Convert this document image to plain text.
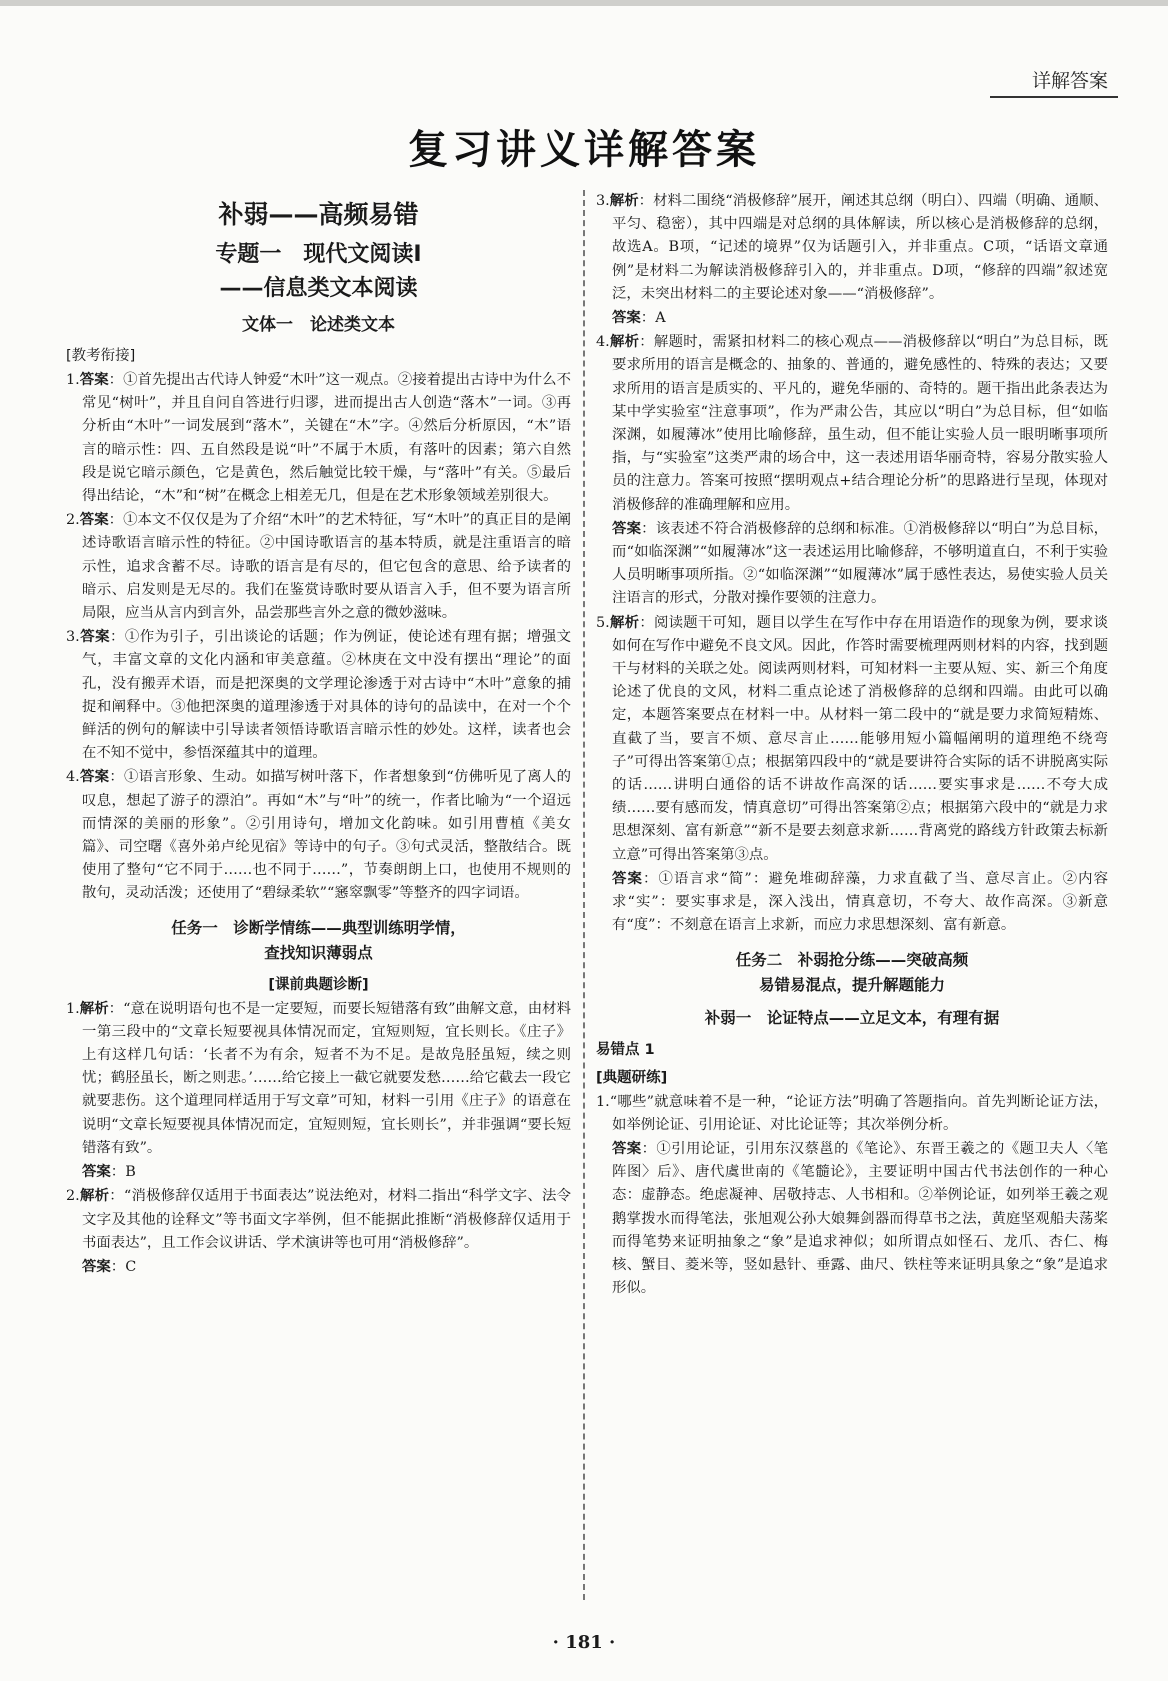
详解答案
复习讲义详解答案
补弱——高频易错
专题一　现代文阅读Ⅰ
——信息类文本阅读
文体一　论述类文本
[教考衔接]
1.答案：①首先提出古代诗人钟爱“木叶”这一观点。②接着提出古诗中为什么不常见“树叶”，并且自问自答进行归谬，进而提出古人创造“落木”一词。③再分析由“木叶”一词发展到“落木”，关键在“木”字。④然后分析原因，“木”语言的暗示性：四、五自然段是说“叶”不属于木质，有落叶的因素；第六自然段是说它暗示颜色，它是黄色，然后触觉比较干燥，与“落叶”有关。⑤最后得出结论，“木”和“树”在概念上相差无几，但是在艺术形象领域差别很大。
2.答案：①本文不仅仅是为了介绍“木叶”的艺术特征，写“木叶”的真正目的是阐述诗歌语言暗示性的特征。②中国诗歌语言的基本特质，就是注重语言的暗示性，追求含蓄不尽。诗歌的语言是有尽的，但它包含的意思、给予读者的暗示、启发则是无尽的。我们在鉴赏诗歌时要从语言入手，但不要为语言所局限，应当从言内到言外，品尝那些言外之意的微妙滋味。
3.答案：①作为引子，引出谈论的话题；作为例证，使论述有理有据；增强文气，丰富文章的文化内涵和审美意蕴。②林庚在文中没有摆出“理论”的面孔，没有搬弄术语，而是把深奥的文学理论渗透于对古诗中“木叶”意象的捕捉和阐释中。③他把深奥的道理渗透于对具体的诗句的品读中，在对一个个鲜活的例句的解读中引导读者领悟诗歌语言暗示性的妙处。这样，读者也会在不知不觉中，参悟深蕴其中的道理。
4.答案：①语言形象、生动。如描写树叶落下，作者想象到“仿佛听见了离人的叹息，想起了游子的漂泊”。再如“木”与“叶”的统一，作者比喻为“一个迢远而情深的美丽的形象”。②引用诗句，增加文化韵味。如引用曹植《美女篇》、司空曙《喜外弟卢纶见宿》等诗中的句子。③句式灵活，整散结合。既使用了整句“它不同于……也不同于……”，节奏朗朗上口，也使用不规则的散句，灵动活泼；还使用了“碧绿柔软”“窸窣飘零”等整齐的四字词语。
任务一　诊断学情练——典型训练明学情，
查找知识薄弱点
[课前典题诊断]
1.解析：“意在说明语句也不是一定要短，而要长短错落有致”曲解文意，由材料一第三段中的“文章长短要视具体情况而定，宜短则短，宜长则长。《庄子》上有这样几句话：‘长者不为有余，短者不为不足。是故凫胫虽短，续之则忧；鹤胫虽长，断之则悲。’……给它接上一截它就要发愁……给它截去一段它就要悲伤。这个道理同样适用于写文章”可知，材料一引用《庄子》的语意在说明“文章长短要视具体情况而定，宜短则短，宜长则长”，并非强调“要长短错落有致”。
答案：B
2.解析：“消极修辞仅适用于书面表达”说法绝对，材料二指出“科学文字、法令文字及其他的诠释文”等书面文字举例，但不能据此推断“消极修辞仅适用于书面表达”，且工作会议讲话、学术演讲等也可用“消极修辞”。
答案：C
3.解析：材料二围绕“消极修辞”展开，阐述其总纲（明白）、四端（明确、通顺、平匀、稳密），其中四端是对总纲的具体解读，所以核心是消极修辞的总纲，故选A。B项，“记述的境界”仅为话题引入，并非重点。C项，“话语文章通例”是材料二为解读消极修辞引入的，并非重点。D项，“修辞的四端”叙述宽泛，未突出材料二的主要论述对象——“消极修辞”。
答案：A
4.解析：解题时，需紧扣材料二的核心观点——消极修辞以“明白”为总目标，既要求所用的语言是概念的、抽象的、普通的，避免感性的、特殊的表达；又要求所用的语言是质实的、平凡的，避免华丽的、奇特的。题干指出此条表达为某中学实验室“注意事项”，作为严肃公告，其应以“明白”为总目标，但“如临深渊，如履薄冰”使用比喻修辞，虽生动，但不能让实验人员一眼明晰事项所指，与“实验室”这类严肃的场合中，这一表述用语华丽奇特，容易分散实验人员的注意力。答案可按照“摆明观点+结合理论分析”的思路进行呈现，体现对消极修辞的准确理解和应用。
答案：该表述不符合消极修辞的总纲和标准。①消极修辞以“明白”为总目标，而“如临深渊”“如履薄冰”这一表述运用比喻修辞，不够明道直白，不利于实验人员明晰事项所指。②“如临深渊”“如履薄冰”属于感性表达，易使实验人员关注语言的形式，分散对操作要领的注意力。
5.解析：阅读题干可知，题目以学生在写作中存在用语造作的现象为例，要求谈如何在写作中避免不良文风。因此，作答时需要梳理两则材料的内容，找到题干与材料的关联之处。阅读两则材料，可知材料一主要从短、实、新三个角度论述了优良的文风，材料二重点论述了消极修辞的总纲和四端。由此可以确定，本题答案要点在材料一中。从材料一第二段中的“就是要力求简短精炼、直截了当，要言不烦、意尽言止……能够用短小篇幅阐明的道理绝不绕弯子”可得出答案第①点；根据第四段中的“就是要讲符合实际的话不讲脱离实际的话……讲明白通俗的话不讲故作高深的话……要实事求是……不夸大成绩……要有感而发，情真意切”可得出答案第②点；根据第六段中的“就是力求思想深刻、富有新意”“新不是要去刻意求新……背离党的路线方针政策去标新立意”可得出答案第③点。
答案：①语言求“简”：避免堆砌辞藻，力求直截了当、意尽言止。②内容求“实”：要实事求是，深入浅出，情真意切，不夸大、故作高深。③新意有“度”：不刻意在语言上求新，而应力求思想深刻、富有新意。
任务二　补弱抢分练——突破高频
易错易混点，提升解题能力
补弱一　论证特点——立足文本，有理有据
易错点 1
[典题研练]
1.“哪些”就意味着不是一种，“论证方法”明确了答题指向。首先判断论证方法，如举例论证、引用论证、对比论证等；其次举例分析。
答案：①引用论证，引用东汉蔡邕的《笔论》、东晋王羲之的《题卫夫人〈笔阵图〉后》、唐代虞世南的《笔髓论》，主要证明中国古代书法创作的一种心态：虚静态。绝虑凝神、居敬持志、人书相和。②举例论证，如列举王羲之观鹅掌拨水而得笔法，张旭观公孙大娘舞剑器而得草书之法，黄庭坚观船夫荡桨而得笔势来证明抽象之“象”是追求神似；如所谓点如怪石、龙爪、杏仁、梅核、蟹目、菱米等，竖如悬针、垂露、曲尺、铁柱等来证明具象之“象”是追求形似。
· 181 ·
